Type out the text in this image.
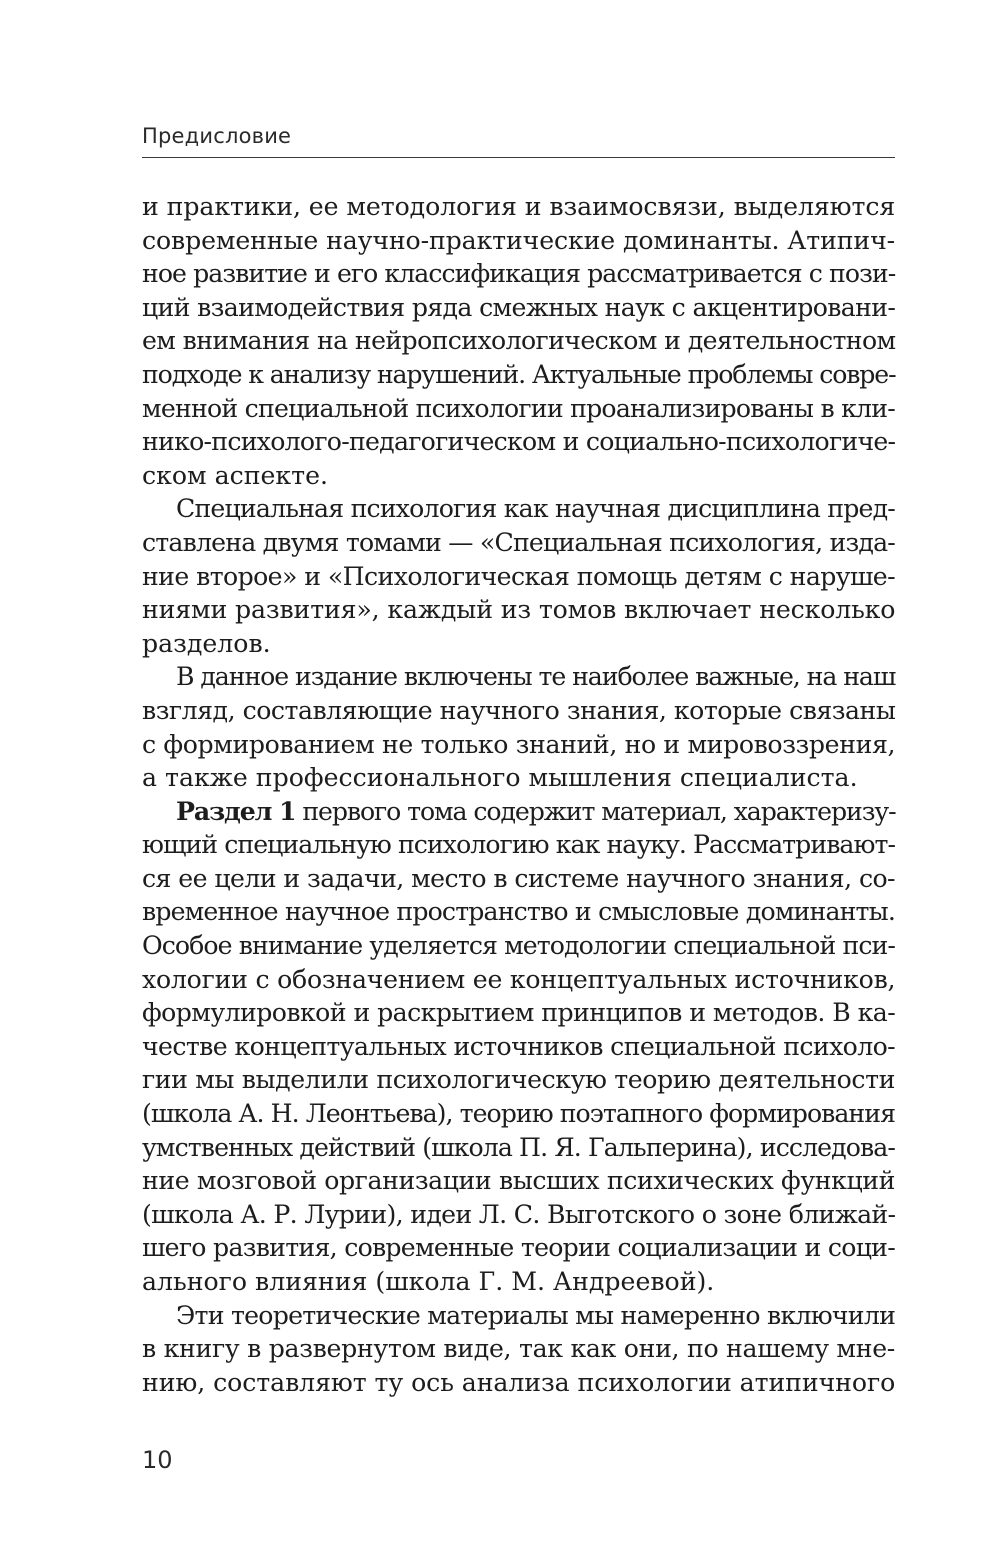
Предисловие
и практики, ее методология и взаимосвязи, выделяются
современные научно-практические доминанты. Атипич-
ное развитие и его классификация рассматривается с пози-
ций взаимодействия ряда смежных наук с акцентировани-
ем внимания на нейропсихологическом и деятельностном
подходе к анализу нарушений. Актуальные проблемы совре-
менной специальной психологии проанализированы в кли-
нико-психолого-педагогическом и социально-психологиче-
ском аспекте.
Специальная психология как научная дисциплина пред-
ставлена двумя томами — «Специальная психология, изда-
ние второе» и «Психологическая помощь детям с наруше-
ниями развития», каждый из томов включает несколько
разделов.
В данное издание включены те наиболее важные, на наш
взгляд, составляющие научного знания, которые связаны
с формированием не только знаний, но и мировоззрения,
а также профессионального мышления специалиста.
Раздел 1 первого тома содержит материал, характеризу-
ющий специальную психологию как науку. Рассматривают-
ся ее цели и задачи, место в системе научного знания, со-
временное научное пространство и смысловые доминанты.
Особое внимание уделяется методологии специальной пси-
хологии с обозначением ее концептуальных источников,
формулировкой и раскрытием принципов и методов. В ка-
честве концептуальных источников специальной психоло-
гии мы выделили психологическую теорию деятельности
(школа А. Н. Леонтьева), теорию поэтапного формирования
умственных действий (школа П. Я. Гальперина), исследова-
ние мозговой организации высших психических функций
(школа А. Р. Лурии), идеи Л. С. Выготского о зоне ближай-
шего развития, современные теории социализации и соци-
ального влияния (школа Г. М. Андреевой).
Эти теоретические материалы мы намеренно включили
в книгу в развернутом виде, так как они, по нашему мне-
нию, составляют ту ось анализа психологии атипичного
10
